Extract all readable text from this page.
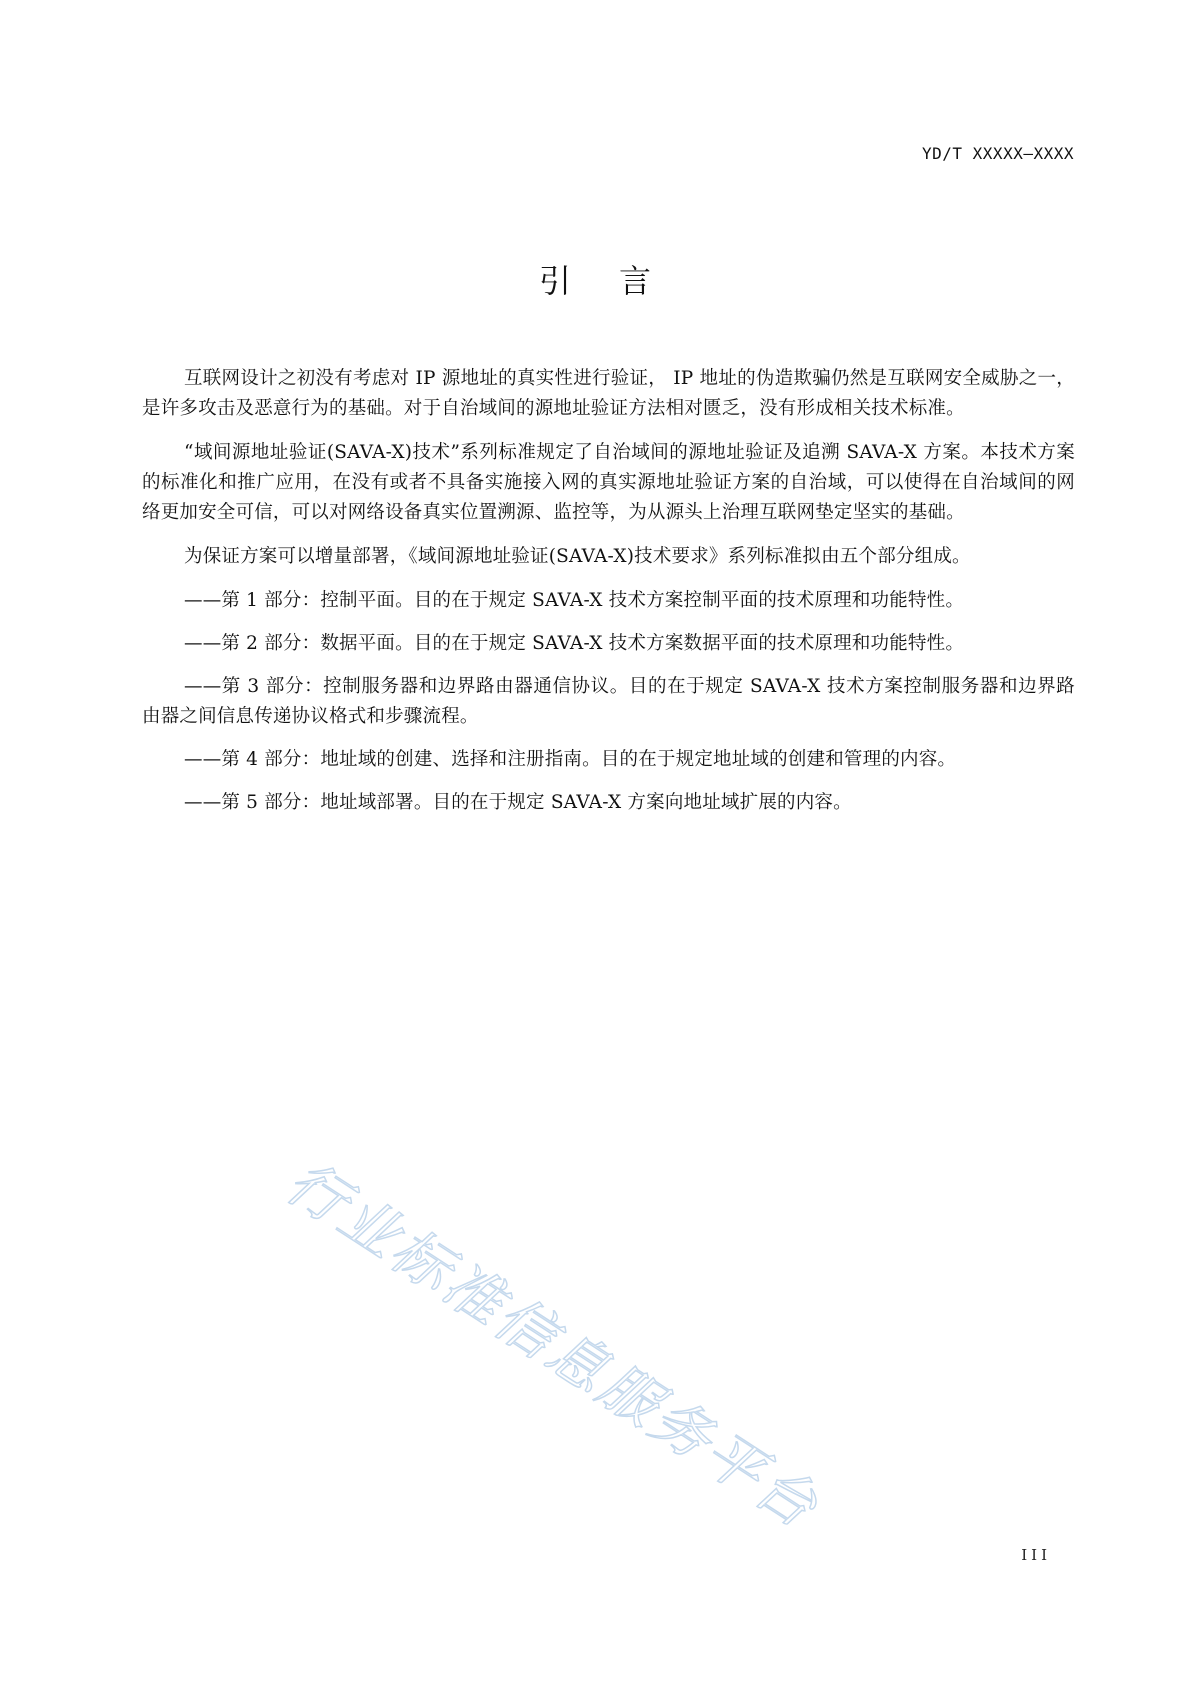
YD/T XXXXX—XXXX
引言

互联网设计之初没有考虑对 IP 源地址的真实性进行验证， IP 地址的伪造欺骗仍然是互联网安全威胁之一，是许多攻击及恶意行为的基础。对于自治域间的源地址验证方法相对匮乏，没有形成相关技术标准。

“域间源地址验证(SAVA-X)技术”系列标准规定了自治域间的源地址验证及追溯 SAVA-X 方案。本技术方案的标准化和推广应用，在没有或者不具备实施接入网的真实源地址验证方案的自治域，可以使得在自治域间的网络更加安全可信，可以对网络设备真实位置溯源、监控等，为从源头上治理互联网垫定坚实的基础。

为保证方案可以增量部署，《域间源地址验证(SAVA-X)技术要求》系列标准拟由五个部分组成。

——第 1 部分：控制平面。目的在于规定 SAVA-X 技术方案控制平面的技术原理和功能特性。

——第 2 部分：数据平面。目的在于规定 SAVA-X 技术方案数据平面的技术原理和功能特性。

——第 3 部分：控制服务器和边界路由器通信协议。目的在于规定 SAVA-X 技术方案控制服务器和边界路由器之间信息传递协议格式和步骤流程。

——第 4 部分：地址域的创建、选择和注册指南。目的在于规定地址域的创建和管理的内容。

——第 5 部分：地址域部署。目的在于规定 SAVA-X 方案向地址域扩展的内容。

行业标准信息服务平台
III
